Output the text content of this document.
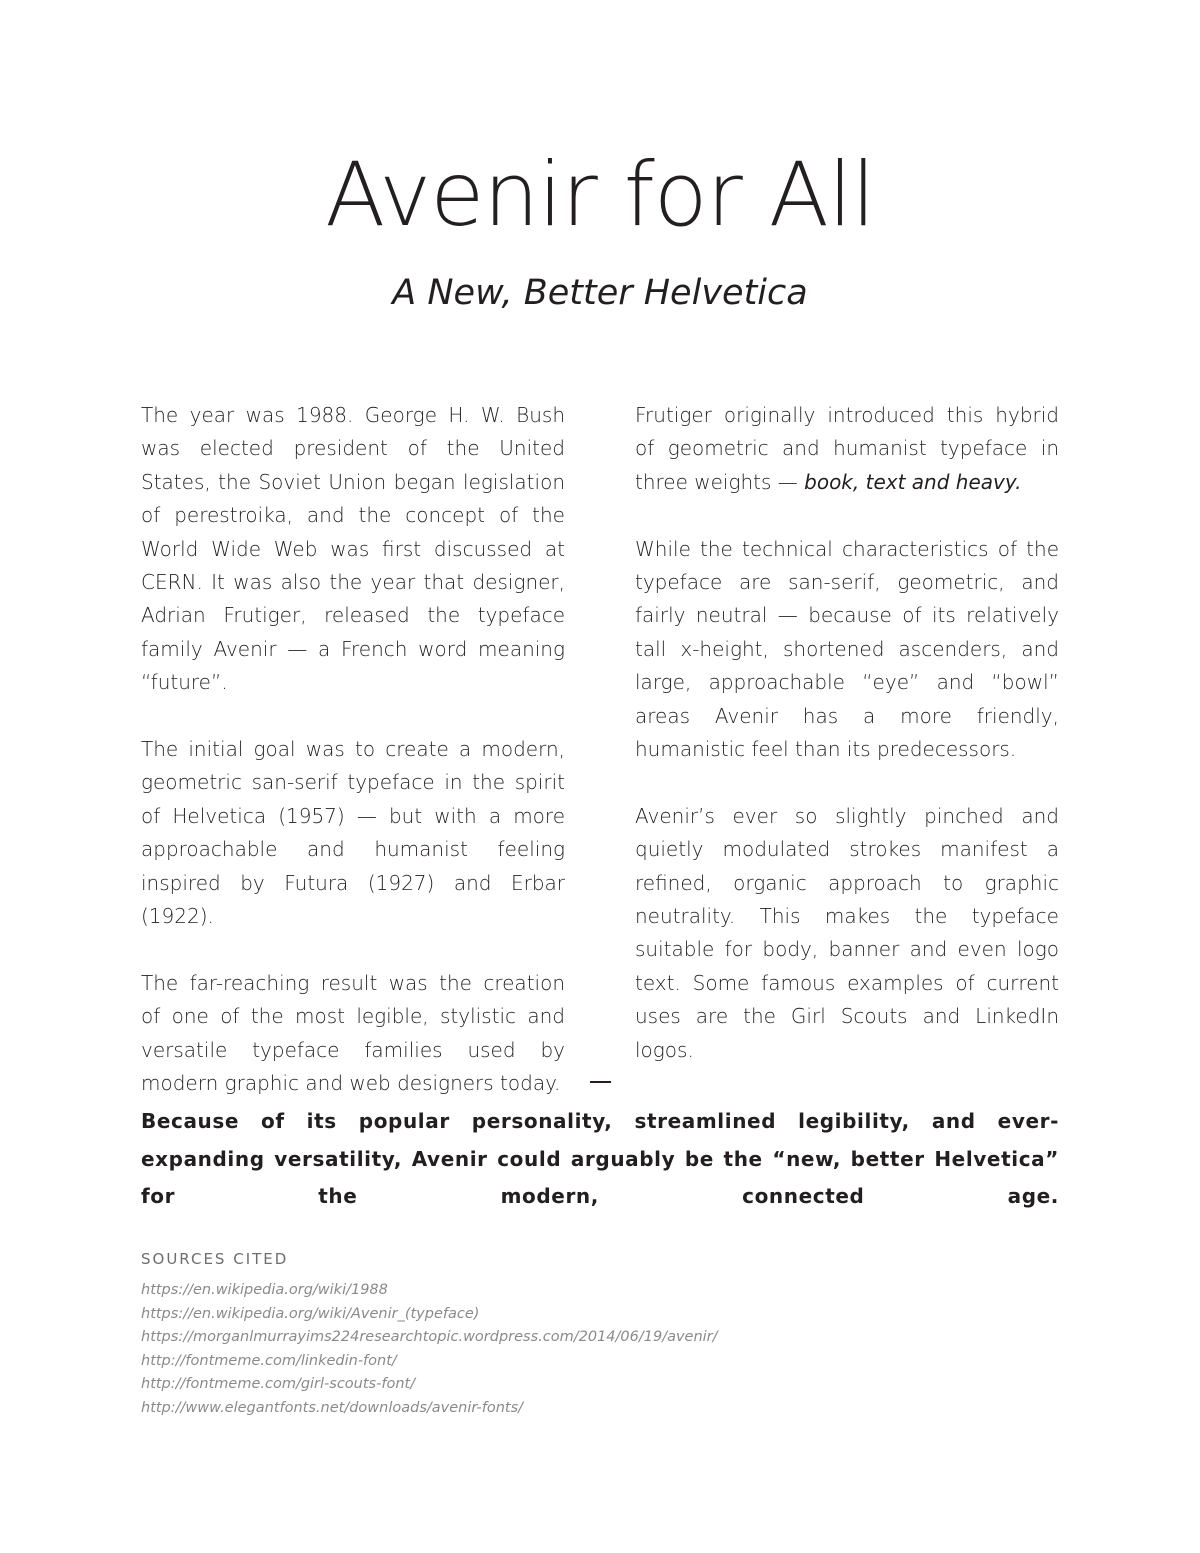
Avenir for All
A New, Better Helvetica

The year was 1988. George H. W. Bush was elected president of the United States, the Soviet Union began legislation of perestroika, and the concept of the World Wide Web was first discussed at CERN. It was also the year that designer, Adrian Frutiger, released the typeface family Avenir — a French word meaning “future”.

The initial goal was to create a modern, geometric san-serif typeface in the spirit of Helvetica (1957) — but with a more approachable and humanist feeling inspired by Futura (1927) and Erbar (1922).

The far-reaching result was the creation of one of the most legible, stylistic and versatile typeface families used by modern graphic and web designers today.

Frutiger originally introduced this hybrid of geometric and humanist typeface in three weights — book, text and heavy.

While the technical characteristics of the typeface are san-serif, geometric, and fairly neutral — because of its relatively tall x-height, shortened ascenders, and large, approachable “eye” and “bowl” areas Avenir has a more friendly, humanistic feel than its predecessors.

Avenir’s ever so slightly pinched and quietly modulated strokes manifest a refined, organic approach to graphic neutrality. This makes the typeface suitable for body, banner and even logo text. Some famous examples of current uses are the Girl Scouts and LinkedIn logos.

Because of its popular personality, streamlined legibility, and ever-expanding versatility, Avenir could arguably be the “new, better Helvetica” for the modern, connected age.

SOURCES CITED
https://en.wikipedia.org/wiki/1988
https://en.wikipedia.org/wiki/Avenir_(typeface)
https://morganlmurrayims224researchtopic.wordpress.com/2014/06/19/avenir/
http://fontmeme.com/linkedin-font/
http://fontmeme.com/girl-scouts-font/
http://www.elegantfonts.net/downloads/avenir-fonts/
